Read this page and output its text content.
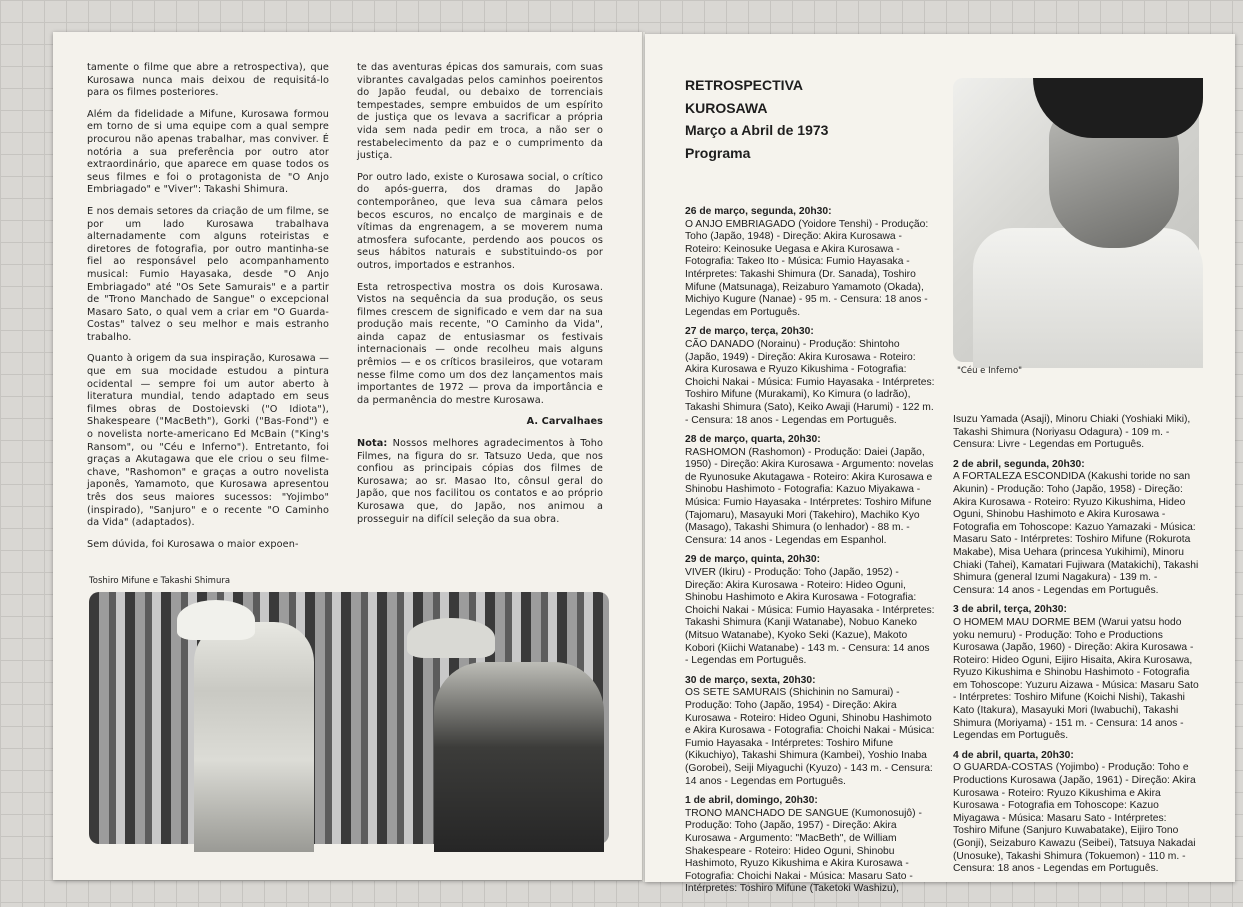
tamente o filme que abre a retrospectiva), que Kurosawa nunca mais deixou de requisitá-lo para os filmes posteriores.

Além da fidelidade a Mifune, Kurosawa formou em torno de si uma equipe com a qual sempre procurou não apenas trabalhar, mas conviver. É notória a sua preferência por outro ator extraordinário, que aparece em quase todos os seus filmes e foi o protagonista de "O Anjo Embriagado" e "Viver": Takashi Shimura.

E nos demais setores da criação de um filme, se por um lado Kurosawa trabalhava alternadamente com alguns roteiristas e diretores de fotografia, por outro mantinha-se fiel ao responsável pelo acompanhamento musical: Fumio Hayasaka, desde "O Anjo Embriagado" até "Os Sete Samurais" e a partir de "Trono Manchado de Sangue" o excepcional Masaro Sato, o qual vem a criar em "O Guarda-Costas" talvez o seu melhor e mais estranho trabalho.

Quanto à origem da sua inspiração, Kurosawa — que em sua mocidade estudou a pintura ocidental — sempre foi um autor aberto à literatura mundial, tendo adaptado em seus filmes obras de Dostoievski ("O Idiota"), Shakespeare ("MacBeth"), Gorki ("Bas-Fond") e o novelista norte-americano Ed McBain ("King's Ransom", ou "Céu e Inferno"). Entretanto, foi graças a Akutagawa que ele criou o seu filme-chave, "Rashomon" e graças a outro novelista japonês, Yamamoto, que Kurosawa apresentou três dos seus maiores sucessos: "Yojimbo" (inspirado), "Sanjuro" e o recente "O Caminho da Vida" (adaptados).

Sem dúvida, foi Kurosawa o maior expoen-

te das aventuras épicas dos samurais, com suas vibrantes cavalgadas pelos caminhos poeirentos do Japão feudal, ou debaixo de torrenciais tempestades, sempre embuidos de um espírito de justiça que os levava a sacrificar a própria vida sem nada pedir em troca, a não ser o restabelecimento da paz e o cumprimento da justiça.

Por outro lado, existe o Kurosawa social, o crítico do após-guerra, dos dramas do Japão contemporâneo, que leva sua câmara pelos becos escuros, no encalço de marginais e de vítimas da engrenagem, a se moverem numa atmosfera sufocante, perdendo aos poucos os seus hábitos naturais e substituindo-os por outros, importados e estranhos.

Esta retrospectiva mostra os dois Kurosawa. Vistos na sequência da sua produção, os seus filmes crescem de significado e vem dar na sua produção mais recente, "O Caminho da Vida", ainda capaz de entusiasmar os festivais internacionais — onde recolheu mais alguns prêmios — e os críticos brasileiros, que votaram nesse filme como um dos dez lançamentos mais importantes de 1972 — prova da importância e da permanência do mestre Kurosawa.

A. Carvalhaes

Nota: Nossos melhores agradecimentos à Toho Filmes, na figura do sr. Tatsuzo Ueda, que nos confiou as principais cópias dos filmes de Kurosawa; ao sr. Masao Ito, cônsul geral do Japão, que nos facilitou os contatos e ao próprio Kurosawa que, do Japão, nos animou a prosseguir na difícil seleção da sua obra.

Toshiro Mifune e Takashi Shimura
RETROSPECTIVA
KUROSAWA
Março a Abril de 1973
Programa
"Céu e Inferno"
26 de março, segunda, 20h30:
O ANJO EMBRIAGADO (Yoidore Tenshi) - Produção: Toho (Japão, 1948) - Direção: Akira Kurosawa - Roteiro: Keinosuke Uegasa e Akira Kurosawa - Fotografia: Takeo Ito - Música: Fumio Hayasaka - Intérpretes: Takashi Shimura (Dr. Sanada), Toshiro Mifune (Matsunaga), Reizaburo Yamamoto (Okada), Michiyo Kugure (Nanae) - 95 m. - Censura: 18 anos - Legendas em Português.
27 de março, terça, 20h30:
CÃO DANADO (Norainu) - Produção: Shintoho (Japão, 1949) - Direção: Akira Kurosawa - Roteiro: Akira Kurosawa e Ryuzo Kikushima - Fotografia: Choichi Nakai - Música: Fumio Hayasaka - Intérpretes: Toshiro Mifune (Murakami), Ko Kimura (o ladrão), Takashi Shimura (Sato), Keiko Awaji (Harumi) - 122 m. - Censura: 18 anos - Legendas em Português.
28 de março, quarta, 20h30:
RASHOMON (Rashomon) - Produção: Daiei (Japão, 1950) - Direção: Akira Kurosawa - Argumento: novelas de Ryunosuke Akutagawa - Roteiro: Akira Kurosawa e Shinobu Hashimoto - Fotografia: Kazuo Miyakawa - Música: Fumio Hayasaka - Intérpretes: Toshiro Mifune (Tajomaru), Masayuki Mori (Takehiro), Machiko Kyo (Masago), Takashi Shimura (o lenhador) - 88 m. - Censura: 14 anos - Legendas em Espanhol.
29 de março, quinta, 20h30:
VIVER (Ikiru) - Produção: Toho (Japão, 1952) - Direção: Akira Kurosawa - Roteiro: Hideo Oguni, Shinobu Hashimoto e Akira Kurosawa - Fotografia: Choichi Nakai - Música: Fumio Hayasaka - Intérpretes: Takashi Shimura (Kanji Watanabe), Nobuo Kaneko (Mitsuo Watanabe), Kyoko Seki (Kazue), Makoto Kobori (Kiichi Watanabe) - 143 m. - Censura: 14 anos - Legendas em Português.
30 de março, sexta, 20h30:
OS SETE SAMURAIS (Shichinin no Samurai) - Produção: Toho (Japão, 1954) - Direção: Akira Kurosawa - Roteiro: Hideo Oguni, Shinobu Hashimoto e Akira Kurosawa - Fotografia: Choichi Nakai - Música: Fumio Hayasaka - Intérpretes: Toshiro Mifune (Kikuchiyo), Takashi Shimura (Kambei), Yoshio Inaba (Gorobei), Seiji Miyaguchi (Kyuzo) - 143 m. - Censura: 14 anos - Legendas em Português.
1 de abril, domingo, 20h30:
TRONO MANCHADO DE SANGUE (Kumonosujô) - Produção: Toho (Japão, 1957) - Direção: Akira Kurosawa - Argumento: "MacBeth", de William Shakespeare - Roteiro: Hideo Oguni, Shinobu Hashimoto, Ryuzo Kikushima e Akira Kurosawa - Fotografia: Choichi Nakai - Música: Masaru Sato - Intérpretes: Toshiro Mifune (Taketoki Washizu),
Isuzu Yamada (Asaji), Minoru Chiaki (Yoshiaki Miki), Takashi Shimura (Noriyasu Odagura) - 109 m. - Censura: Livre - Legendas em Português.
2 de abril, segunda, 20h30:
A FORTALEZA ESCONDIDA (Kakushi toride no san Akunin) - Produção: Toho (Japão, 1958) - Direção: Akira Kurosawa - Roteiro: Ryuzo Kikushima, Hideo Oguni, Shinobu Hashimoto e Akira Kurosawa - Fotografia em Tohoscope: Kazuo Yamazaki - Música: Masaru Sato - Intérpretes: Toshiro Mifune (Rokurota Makabe), Misa Uehara (princesa Yukihimi), Minoru Chiaki (Tahei), Kamatari Fujiwara (Matakichi), Takashi Shimura (general Izumi Nagakura) - 139 m. - Censura: 14 anos - Legendas em Português.
3 de abril, terça, 20h30:
O HOMEM MAU DORME BEM (Warui yatsu hodo yoku nemuru) - Produção: Toho e Productions Kurosawa (Japão, 1960) - Direção: Akira Kurosawa - Roteiro: Hideo Oguni, Eijiro Hisaita, Akira Kurosawa, Ryuzo Kikushima e Shinobu Hashimoto - Fotografia em Tohoscope: Yuzuru Aizawa - Música: Masaru Sato - Intérpretes: Toshiro Mifune (Koichi Nishi), Takashi Kato (Itakura), Masayuki Mori (Iwabuchi), Takashi Shimura (Moriyama) - 151 m. - Censura: 14 anos - Legendas em Português.
4 de abril, quarta, 20h30:
O GUARDA-COSTAS (Yojimbo) - Produção: Toho e Productions Kurosawa (Japão, 1961) - Direção: Akira Kurosawa - Roteiro: Ryuzo Kikushima e Akira Kurosawa - Fotografia em Tohoscope: Kazuo Miyagawa - Música: Masaru Sato - Intérpretes: Toshiro Mifune (Sanjuro Kuwabatake), Eijiro Tono (Gonji), Seizaburo Kawazu (Seibei), Tatsuya Nakadai (Unosuke), Takashi Shimura (Tokuemon) - 110 m. - Censura: 18 anos - Legendas em Português.
